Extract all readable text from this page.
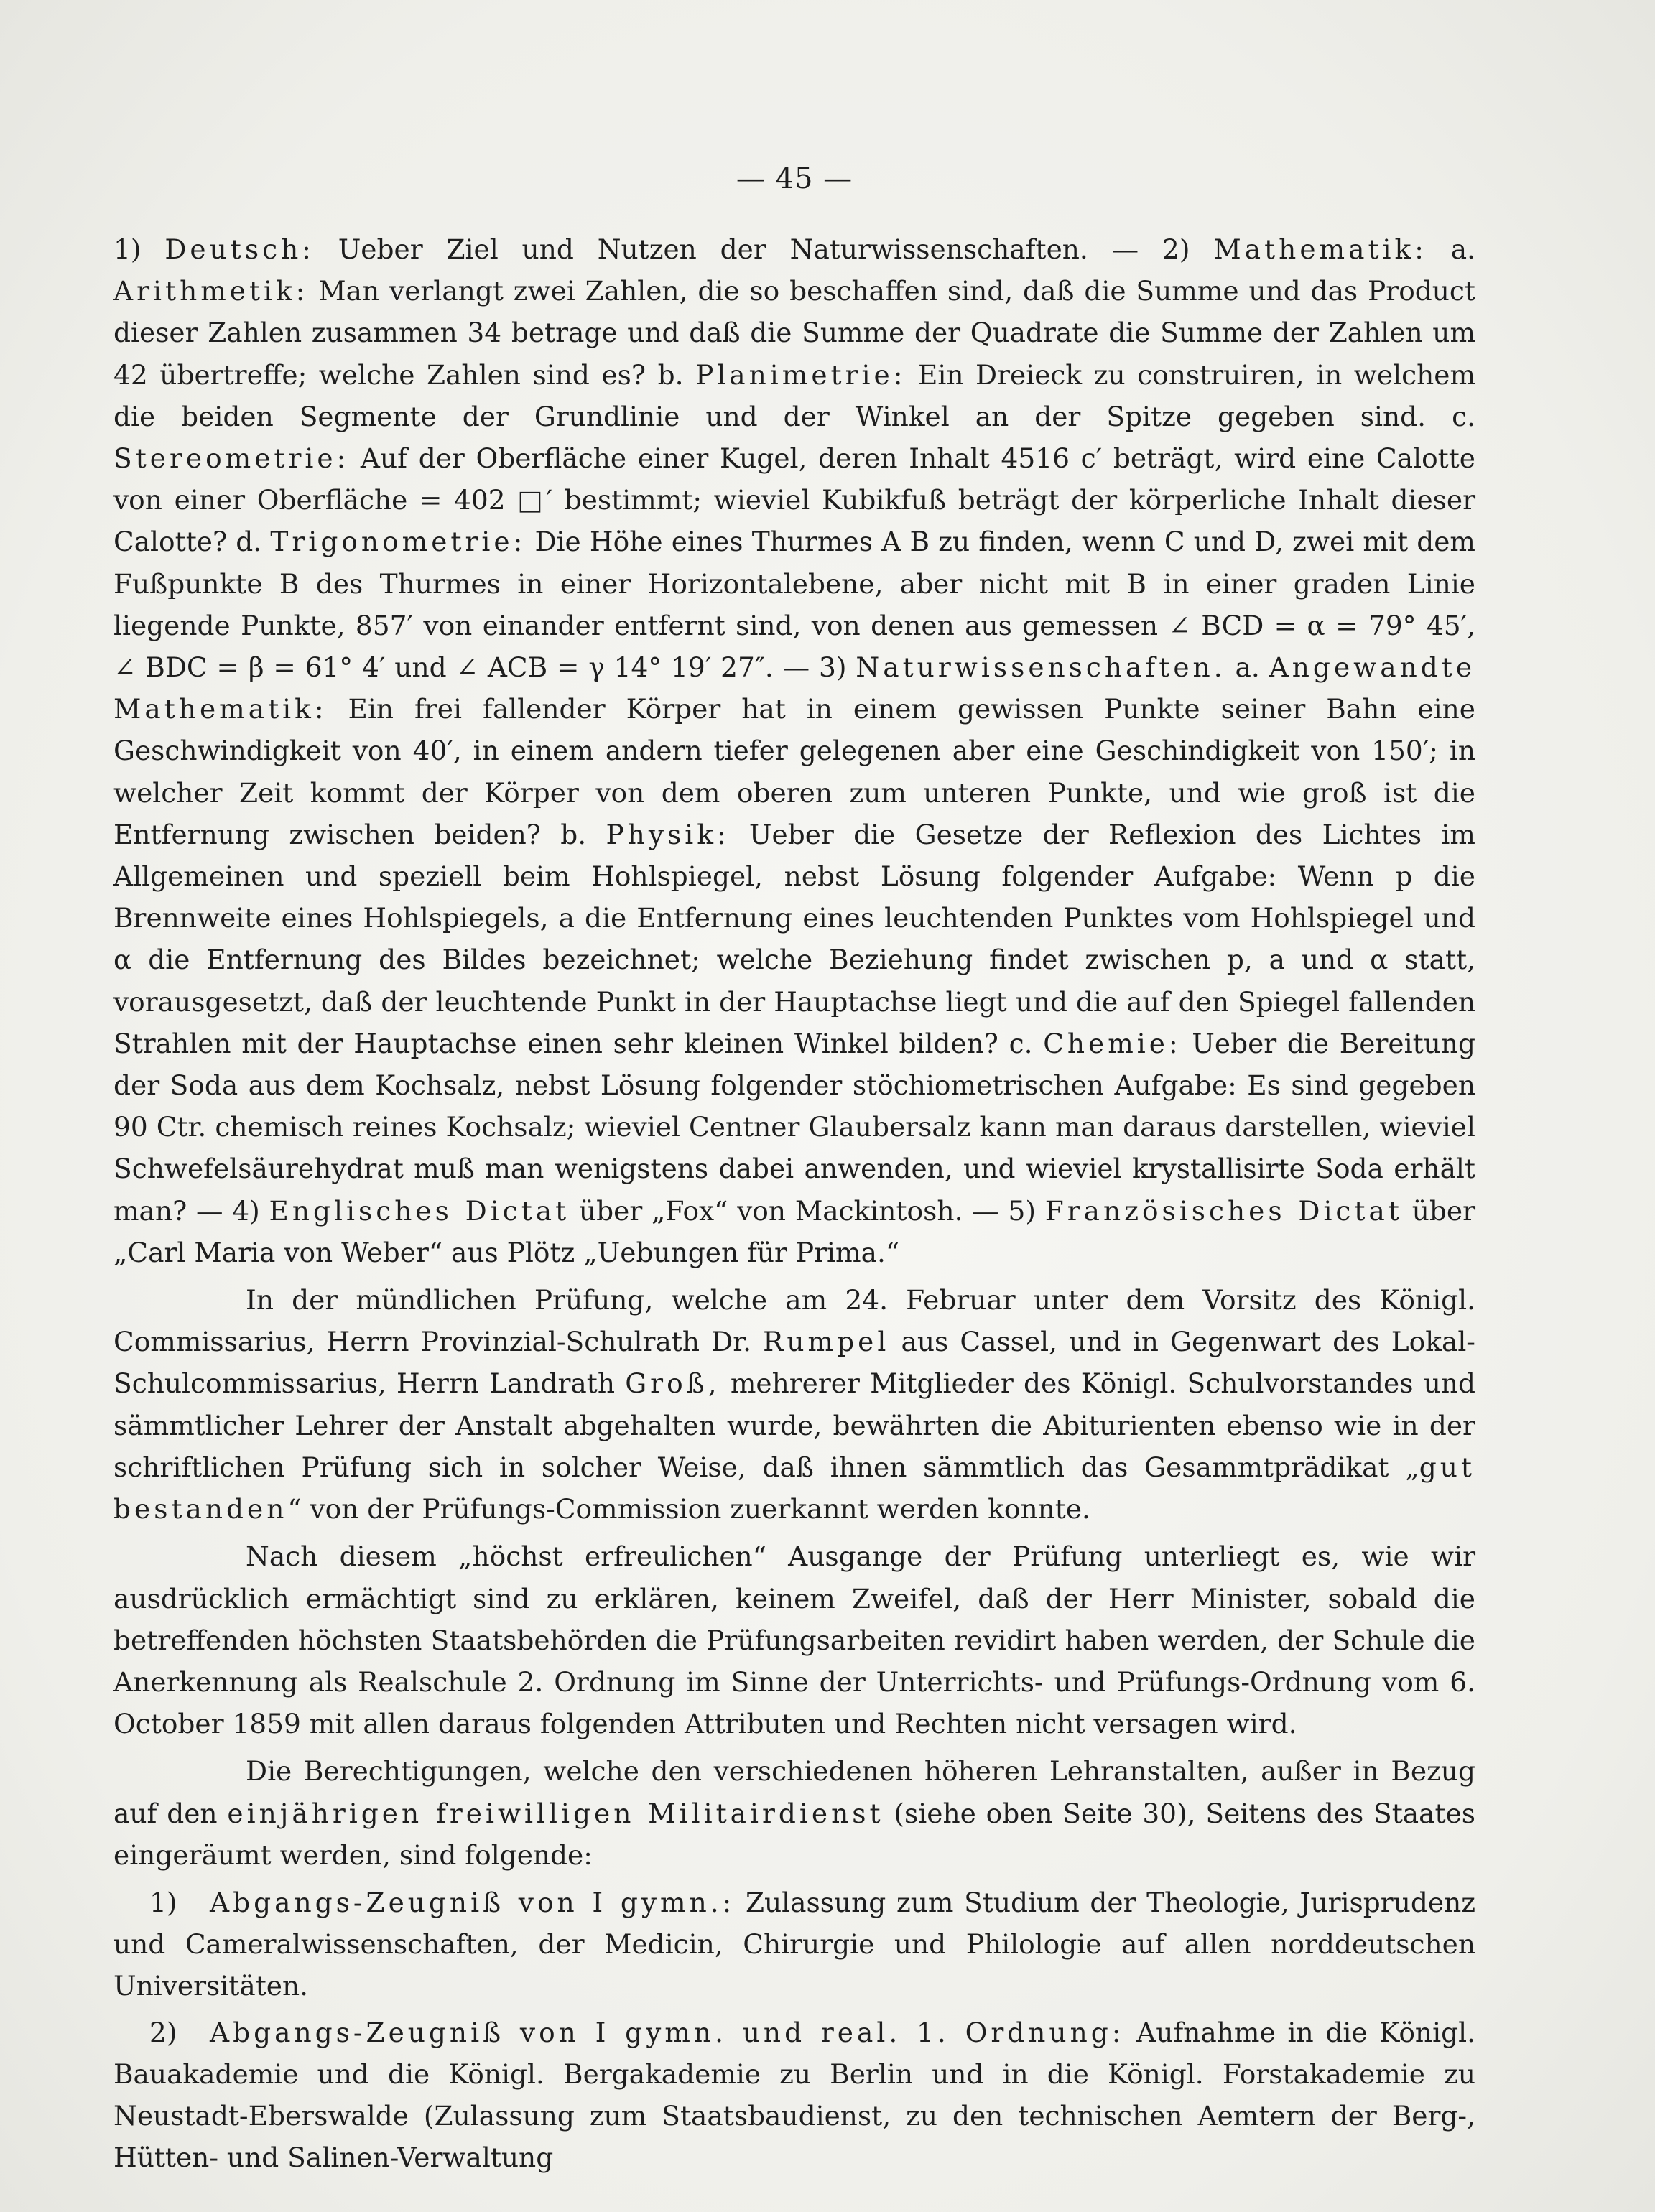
— 45 —

1) Deutsch: Ueber Ziel und Nutzen der Naturwissenschaften. — 2) Mathematik: a. Arithmetik: Man verlangt zwei Zahlen, die so beschaffen sind, daß die Summe und das Product dieser Zahlen zusammen 34 betrage und daß die Summe der Quadrate die Summe der Zahlen um 42 übertreffe; welche Zahlen sind es? b. Planimetrie: Ein Dreieck zu construiren, in welchem die beiden Segmente der Grundlinie und der Winkel an der Spitze gegeben sind. c. Stereometrie: Auf der Oberfläche einer Kugel, deren Inhalt 4516 c′ beträgt, wird eine Calotte von einer Oberfläche = 402 □′ bestimmt; wieviel Kubikfuß beträgt der körperliche Inhalt dieser Calotte? d. Trigonometrie: Die Höhe eines Thurmes A B zu finden, wenn C und D, zwei mit dem Fußpunkte B des Thurmes in einer Horizontalebene, aber nicht mit B in einer graden Linie liegende Punkte, 857′ von einander entfernt sind, von denen aus gemessen ∠ BCD = α = 79° 45′, ∠ BDC = β = 61° 4′ und ∠ ACB = γ 14° 19′ 27″. — 3) Naturwissenschaften. a. Angewandte Mathematik: Ein frei fallender Körper hat in einem gewissen Punkte seiner Bahn eine Geschwindigkeit von 40′, in einem andern tiefer gelegenen aber eine Geschindigkeit von 150′; in welcher Zeit kommt der Körper von dem oberen zum unteren Punkte, und wie groß ist die Entfernung zwischen beiden? b. Physik: Ueber die Gesetze der Reflexion des Lichtes im Allgemeinen und speziell beim Hohlspiegel, nebst Lösung folgender Aufgabe: Wenn p die Brennweite eines Hohlspiegels, a die Entfernung eines leuchtenden Punktes vom Hohlspiegel und α die Entfernung des Bildes bezeichnet; welche Beziehung findet zwischen p, a und α statt, vorausgesetzt, daß der leuchtende Punkt in der Hauptachse liegt und die auf den Spiegel fallenden Strahlen mit der Hauptachse einen sehr kleinen Winkel bilden? c. Chemie: Ueber die Bereitung der Soda aus dem Kochsalz, nebst Lösung folgender stöchiometrischen Aufgabe: Es sind gegeben 90 Ctr. chemisch reines Kochsalz; wieviel Centner Glaubersalz kann man daraus darstellen, wieviel Schwefelsäurehydrat muß man wenigstens dabei anwenden, und wieviel krystallisirte Soda erhält man? — 4) Englisches Dictat über „Fox“ von Mackintosh. — 5) Französisches Dictat über „Carl Maria von Weber“ aus Plötz „Uebungen für Prima.“

In der mündlichen Prüfung, welche am 24. Februar unter dem Vorsitz des Königl. Commissarius, Herrn Provinzial-Schulrath Dr. Rumpel aus Cassel, und in Gegenwart des Lokal-Schulcommissarius, Herrn Landrath Groß, mehrerer Mitglieder des Königl. Schulvorstandes und sämmtlicher Lehrer der Anstalt abgehalten wurde, bewährten die Abiturienten ebenso wie in der schriftlichen Prüfung sich in solcher Weise, daß ihnen sämmtlich das Gesammtprädikat „gut bestanden“ von der Prüfungs-Commission zuerkannt werden konnte.

Nach diesem „höchst erfreulichen“ Ausgange der Prüfung unterliegt es, wie wir ausdrücklich ermächtigt sind zu erklären, keinem Zweifel, daß der Herr Minister, sobald die betreffenden höchsten Staatsbehörden die Prüfungsarbeiten revidirt haben werden, der Schule die Anerkennung als Realschule 2. Ordnung im Sinne der Unterrichts- und Prüfungs-Ordnung vom 6. October 1859 mit allen daraus folgenden Attributen und Rechten nicht versagen wird.

Die Berechtigungen, welche den verschiedenen höheren Lehranstalten, außer in Bezug auf den einjährigen freiwilligen Militairdienst (siehe oben Seite 30), Seitens des Staates eingeräumt werden, sind folgende:

1) Abgangs-Zeugniß von I gymn.: Zulassung zum Studium der Theologie, Jurisprudenz und Cameralwissenschaften, der Medicin, Chirurgie und Philologie auf allen norddeutschen Universitäten.

2) Abgangs-Zeugniß von I gymn. und real. 1. Ordnung: Aufnahme in die Königl. Bauakademie und die Königl. Bergakademie zu Berlin und in die Königl. Forstakademie zu Neustadt-Eberswalde (Zulassung zum Staatsbaudienst, zu den technischen Aemtern der Berg-, Hütten- und Salinen-Verwaltung
